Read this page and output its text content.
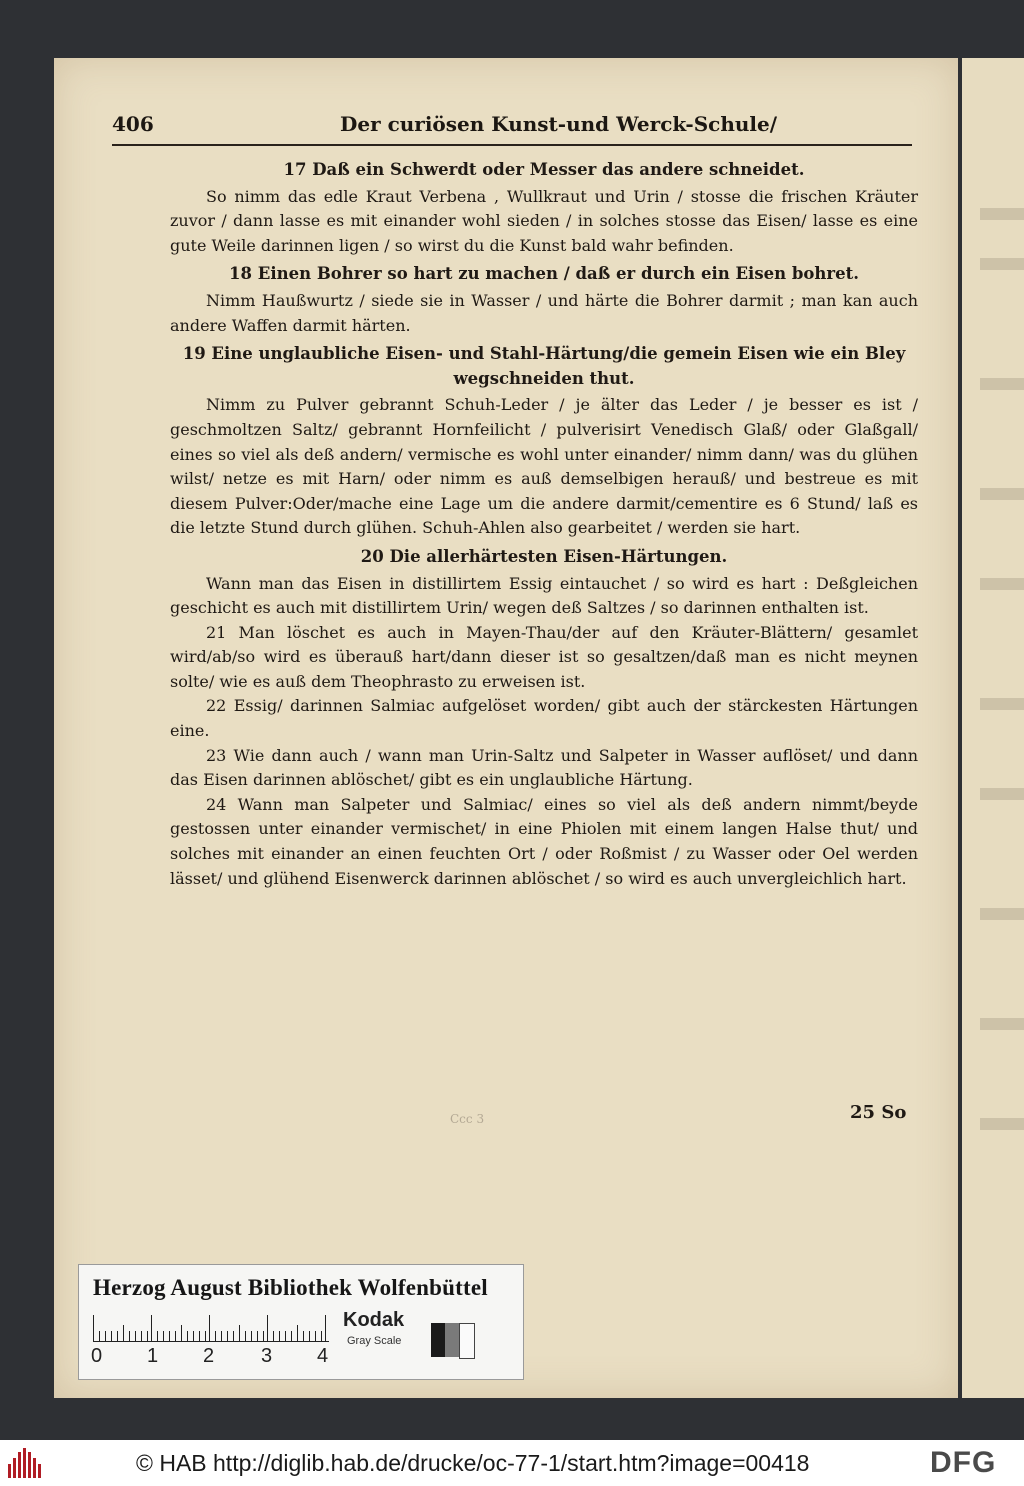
406	Der curiösen Kunst-und Werck-Schule/
17 Daß ein Schwerdt oder Messer das andere schneidet.

So nimm das edle Kraut Verbena , Wullkraut und Urin / stosse die frischen Kräuter zuvor / dann lasse es mit einander wohl sieden / in solches stosse das Eisen/ lasse es eine gute Weile darinnen ligen / so wirst du die Kunst bald wahr befinden.

18 Einen Bohrer so hart zu machen / daß er durch ein Eisen bohret.

Nimm Haußwurtz / siede sie in Wasser / und härte die Bohrer darmit ; man kan auch andere Waffen darmit härten.

19 Eine unglaubliche Eisen- und Stahl-Härtung/die gemein Eisen wie ein Bley wegschneiden thut.

Nimm zu Pulver gebrannt Schuh-Leder / je älter das Leder / je besser es ist / geschmoltzen Saltz/ gebrannt Hornfeilicht / pulverisirt Venedisch Glaß/ oder Glaßgall/ eines so viel als deß andern/ vermische es wohl unter einander/ nimm dann/ was du glühen wilst/ netze es mit Harn/ oder nimm es auß demselbigen herauß/ und bestreue es mit diesem Pulver:Oder/mache eine Lage um die andere darmit/cementire es 6 Stund/ laß es die letzte Stund durch glühen. Schuh-Ahlen also gearbeitet / werden sie hart.

20 Die allerhärtesten Eisen-Härtungen.

Wann man das Eisen in distillirtem Essig eintauchet / so wird es hart : Deßgleichen geschicht es auch mit distillirtem Urin/ wegen deß Saltzes / so darinnen enthalten ist.

21 Man löschet es auch in Mayen-Thau/der auf den Kräuter-Blättern/ gesamlet wird/ab/so wird es überauß hart/dann dieser ist so gesaltzen/daß man es nicht meynen solte/ wie es auß dem Theophrasto zu erweisen ist.

22 Essig/ darinnen Salmiac aufgelöset worden/ gibt auch der stärckesten Härtungen eine.

23 Wie dann auch / wann man Urin-Saltz und Salpeter in Wasser auflöset/ und dann das Eisen darinnen ablöschet/ gibt es ein unglaubliche Härtung.

24 Wann man Salpeter und Salmiac/ eines so viel als deß andern nimmt/beyde gestossen unter einander vermischet/ in eine Phiolen mit einem langen Halse thut/ und solches mit einander an einen feuchten Ort / oder Roßmist / zu Wasser oder Oel werden lässet/ und glühend Eisenwerck darinnen ablöschet / so wird es auch unvergleichlich hart.

Ccc 3	25 So
Herzog August Bibliothek Wolfenbüttel
0 1 2 3 4
Kodak
Gray Scale
© HAB http://diglib.hab.de/drucke/oc-77-1/start.htm?image=00418	DFG
